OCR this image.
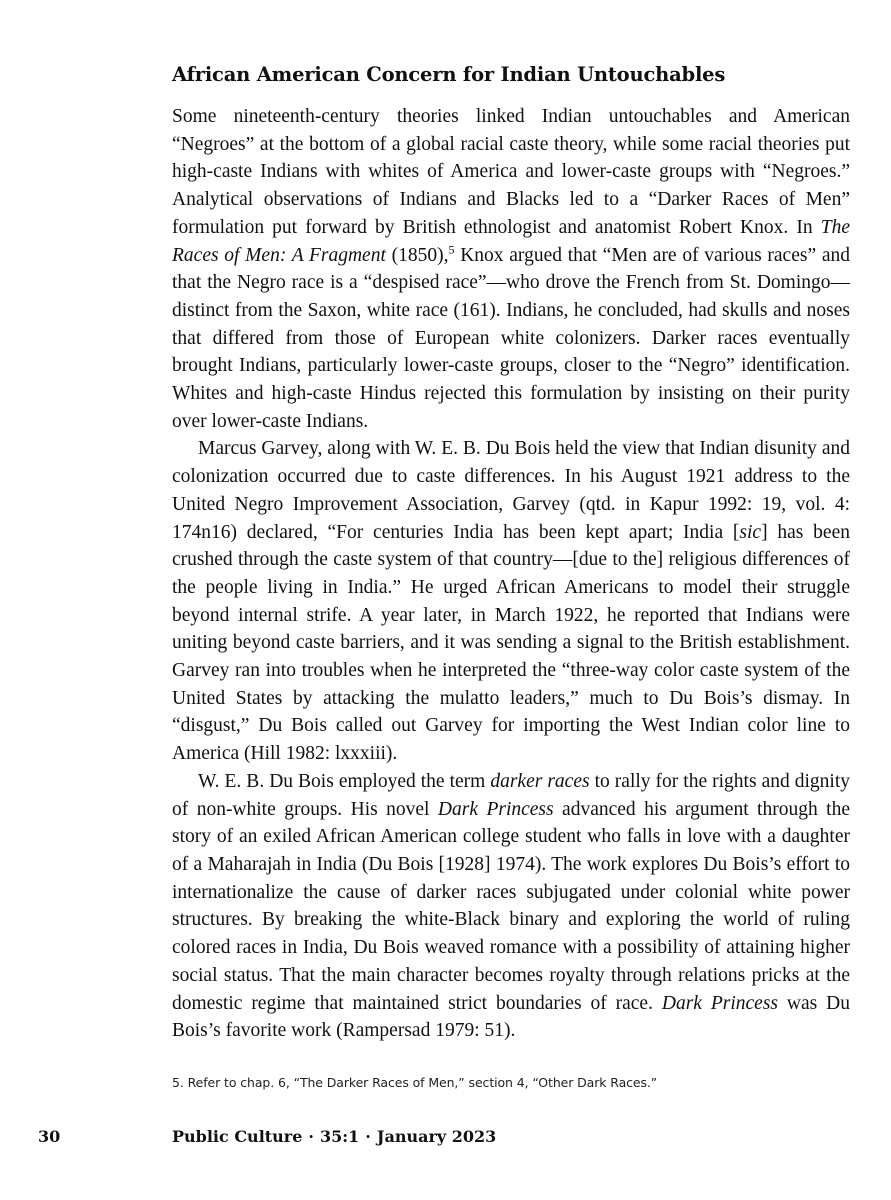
African American Concern for Indian Untouchables

Some nineteenth-century theories linked Indian untouchables and American “Negroes” at the bottom of a global racial caste theory, while some racial theories put high-caste Indians with whites of America and lower-caste groups with “Negroes.” Analytical observations of Indians and Blacks led to a “Darker Races of Men” formulation put forward by British ethnologist and anatomist Robert Knox. In The Races of Men: A Fragment (1850),$^5$ Knox argued that “Men are of various races” and that the Negro race is a “despised race”—who drove the French from St. Domingo—distinct from the Saxon, white race (161). Indians, he concluded, had skulls and noses that differed from those of European white colonizers. Darker races eventually brought Indians, particularly lower-caste groups, closer to the “Negro” identification. Whites and high-caste Hindus rejected this formulation by insisting on their purity over lower-caste Indians.

Marcus Garvey, along with W. E. B. Du Bois held the view that Indian disunity and colonization occurred due to caste differences. In his August 1921 address to the United Negro Improvement Association, Garvey (qtd. in Kapur 1992: 19, vol. 4: 174n16) declared, “For centuries India has been kept apart; India [sic] has been crushed through the caste system of that country—[due to the] religious differences of the people living in India.” He urged African Americans to model their struggle beyond internal strife. A year later, in March 1922, he reported that Indians were uniting beyond caste barriers, and it was sending a signal to the British establishment. Garvey ran into troubles when he interpreted the “three-way color caste system of the United States by attacking the mulatto leaders,” much to Du Bois’s dismay. In “disgust,” Du Bois called out Garvey for importing the West Indian color line to America (Hill 1982: lxxxiii).

W. E. B. Du Bois employed the term darker races to rally for the rights and dignity of non-white groups. His novel Dark Princess advanced his argument through the story of an exiled African American college student who falls in love with a daughter of a Maharajah in India (Du Bois [1928] 1974). The work explores Du Bois’s effort to internationalize the cause of darker races subjugated under colonial white power structures. By breaking the white-Black binary and exploring the world of ruling colored races in India, Du Bois weaved romance with a possibility of attaining higher social status. That the main character becomes royalty through relations pricks at the domestic regime that maintained strict boundaries of race. Dark Princess was Du Bois’s favorite work (Rampersad 1979: 51).

5. Refer to chap. 6, “The Darker Races of Men,” section 4, “Other Dark Races.”
30	Public Culture · 35:1 · January 2023
